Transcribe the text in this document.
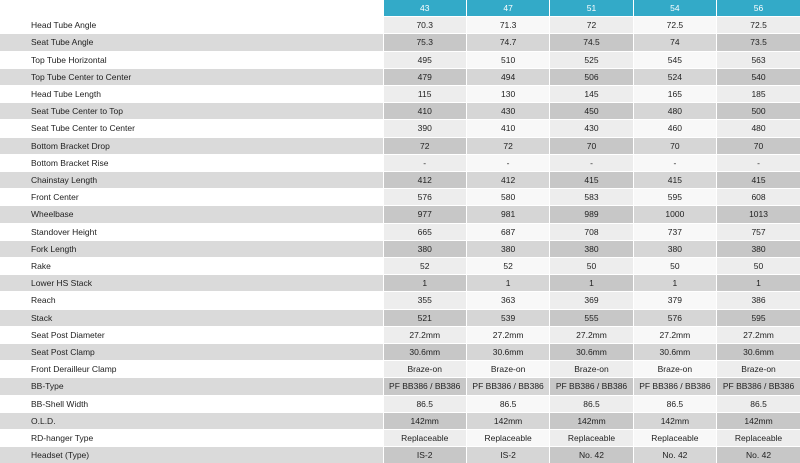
	43	47	51	54	56
Head Tube Angle	70.3	71.3	72	72.5	72.5
Seat Tube Angle	75.3	74.7	74.5	74	73.5
Top Tube Horizontal	495	510	525	545	563
Top Tube Center to Center	479	494	506	524	540
Head Tube Length	115	130	145	165	185
Seat Tube Center to Top	410	430	450	480	500
Seat Tube Center to Center	390	410	430	460	480
Bottom Bracket Drop	72	72	70	70	70
Bottom Bracket Rise	-	-	-	-	-
Chainstay Length	412	412	415	415	415
Front Center	576	580	583	595	608
Wheelbase	977	981	989	1000	1013
Standover Height	665	687	708	737	757
Fork Length	380	380	380	380	380
Rake	52	52	50	50	50
Lower HS Stack	1	1	1	1	1
Reach	355	363	369	379	386
Stack	521	539	555	576	595
Seat Post Diameter	27.2mm	27.2mm	27.2mm	27.2mm	27.2mm
Seat Post Clamp	30.6mm	30.6mm	30.6mm	30.6mm	30.6mm
Front Derailleur Clamp	Braze-on	Braze-on	Braze-on	Braze-on	Braze-on
BB-Type	PF BB386 / BB386	PF BB386 / BB386	PF BB386 / BB386	PF BB386 / BB386	PF BB386 / BB386
BB-Shell Width	86.5	86.5	86.5	86.5	86.5
O.L.D.	142mm	142mm	142mm	142mm	142mm
RD-hanger Type	Replaceable	Replaceable	Replaceable	Replaceable	Replaceable
Headset (Type)	IS-2	IS-2	No. 42	No. 42	No. 42
